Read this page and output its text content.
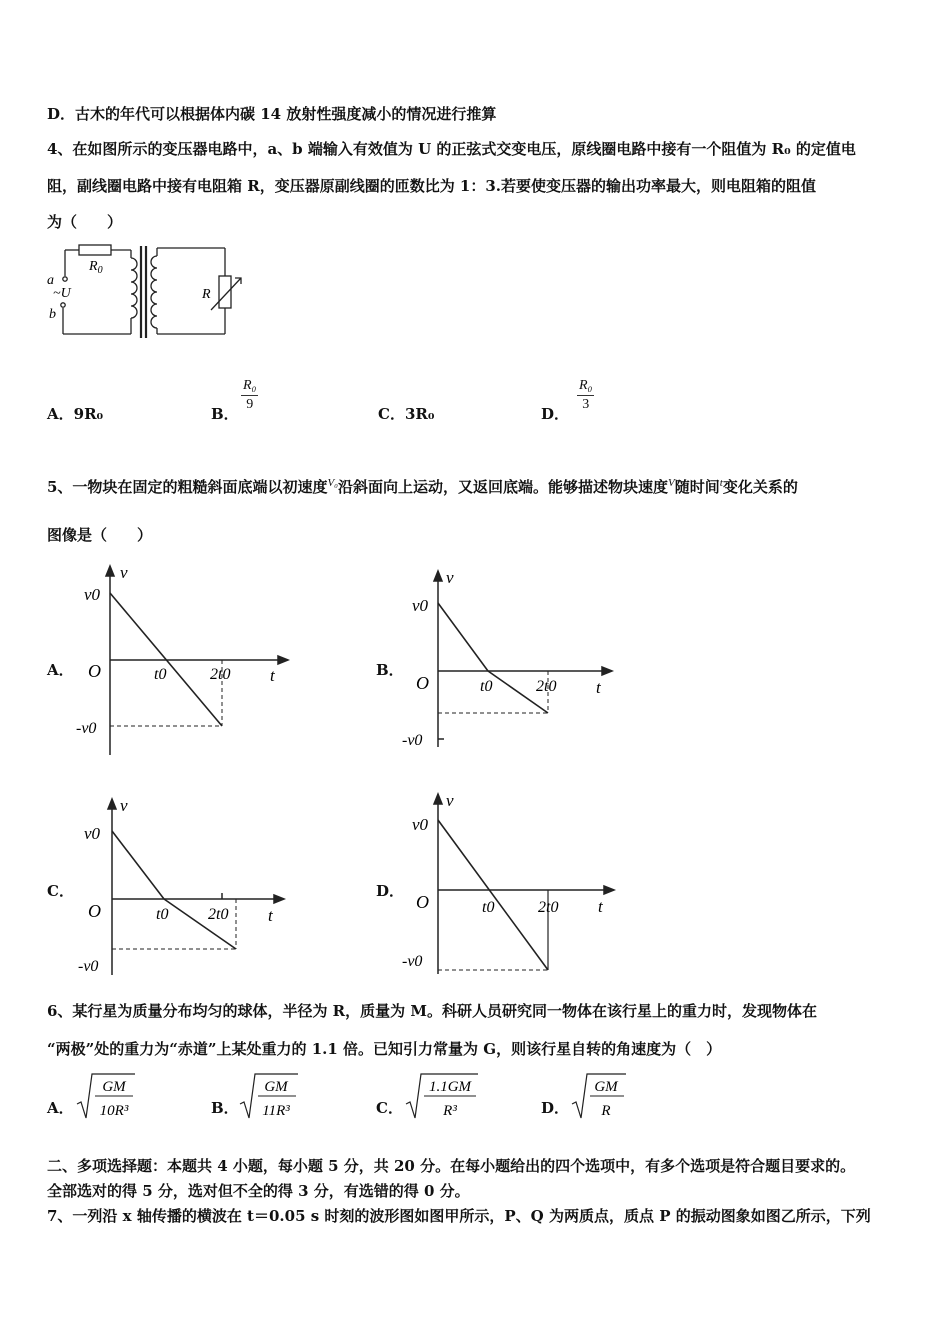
D．古木的年代可以根据体内碳 14 放射性强度减小的情况进行推算
4、在如图所示的变压器电路中，a、b 端输入有效值为 U 的正弦式交变电压，原线圈电路中接有一个阻值为 R₀ 的定值电
阻，副线圈电路中接有电阻箱 R，变压器原副线圈的匝数比为 1：3.若要使变压器的输出功率最大，则电阻箱的阻值
为（　　）
$R_0$
a
~U
b
R
A．9R₀	B．
$\frac{\text{R₀}}{9}$
C．3R₀	D．
$\frac{\text{R₀}}{3}$
5、一物块在固定的粗糙斜面底端以初速度$^{V_0}$沿斜面向上运动，又返回底端。能够描述物块速度$^V$随时间$^t$变化关系的
图像是（　　）
A．
v
v0
O	t0	2t0 t
-v0
B．
v
v0
O	t0	2t0 t
-v0
C．
v
v0
O	t0 2t0 t
-v0
D．
v
v0
O	t0	2t0 t
-v0
6、某行星为质量分布均匀的球体，半径为 R，质量为 M。科研人员研究同一物体在该行星上的重力时，发现物体在
“两极”处的重力为“赤道”上某处重力的 1.1 倍。已知引力常量为 G，则该行星自转的角速度为（　）
A．
GM
10R³	B．
GM
11R³	C．
1.1GM
R³	D．
GM
R
二、多项选择题：本题共 4 小题，每小题 5 分，共 20 分。在每小题给出的四个选项中，有多个选项是符合题目要求的。
全部选对的得 5 分，选对但不全的得 3 分，有选错的得 0 分。
7、一列沿 x 轴传播的横波在 t＝0.05 s 时刻的波形图如图甲所示，P、Q 为两质点，质点 P 的振动图象如图乙所示，下列
